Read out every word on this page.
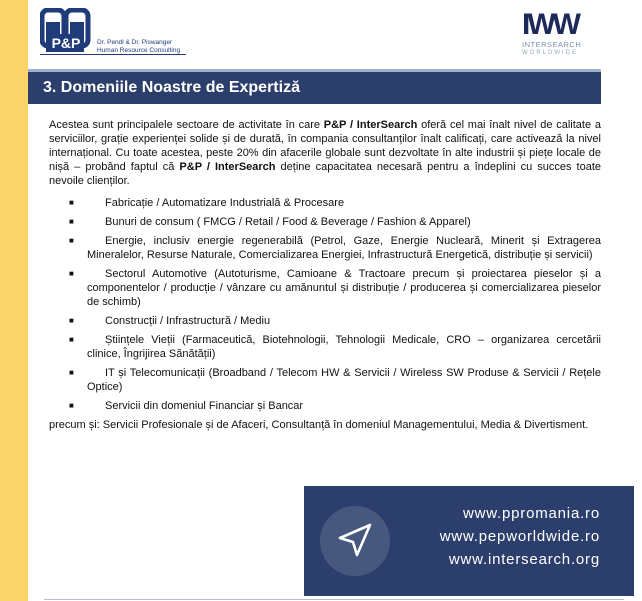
P&P	Dr. Pendl & Dr. Piswanger
Human Resource Consulting
IWW
INTERSEARCH
WORLDWIDE
3. Domeniile Noastre de Expertiză

Acestea sunt principalele sectoare de activitate în care P&P / InterSearch oferă cel mai înalt nivel de calitate a serviciilor, grație experienței solide și de durată, în compania consultanților înalt calificați, care activează la nivel internațional. Cu toate acestea, peste 20% din afacerile globale sunt dezvoltate în alte industrii și piețe locale de nișă – probând faptul că P&P / InterSearch deține capacitatea necesară pentru a îndeplini cu succes toate nevoile clienților.

■	Fabricație / Automatizare Industrială & Procesare
■	Bunuri de consum ( FMCG / Retail / Food & Beverage / Fashion & Apparel)
■	Energie, inclusiv energie regenerabilă (Petrol, Gaze, Energie Nucleară, Minerit și Extragerea Mineralelor, Resurse Naturale, Comercializarea Energiei, Infrastructură Energetică, distribuție și servicii)
■	Sectorul Automotive (Autoturisme, Camioane & Tractoare precum și proiectarea pieselor și a componentelor / producție / vânzare cu amănuntul și distribuție / producerea și comercializarea pieselor de schimb)
■	Construcții / Infrastructură / Mediu
■	Științele Vieții (Farmaceutică, Biotehnologii, Tehnologii Medicale, CRO – organizarea cercetării clinice, Îngrijirea Sănătății)
■	IT și Telecomunicații (Broadband / Telecom HW & Servicii / Wireless SW Produse & Servicii / Rețele Optice)
■	Servicii din domeniul Financiar și Bancar

precum și: Servicii Profesionale și de Afaceri, Consultanță în domeniul Managementului, Media & Divertisment.

www.ppromania.ro
www.pepworldwide.ro
www.intersearch.org
